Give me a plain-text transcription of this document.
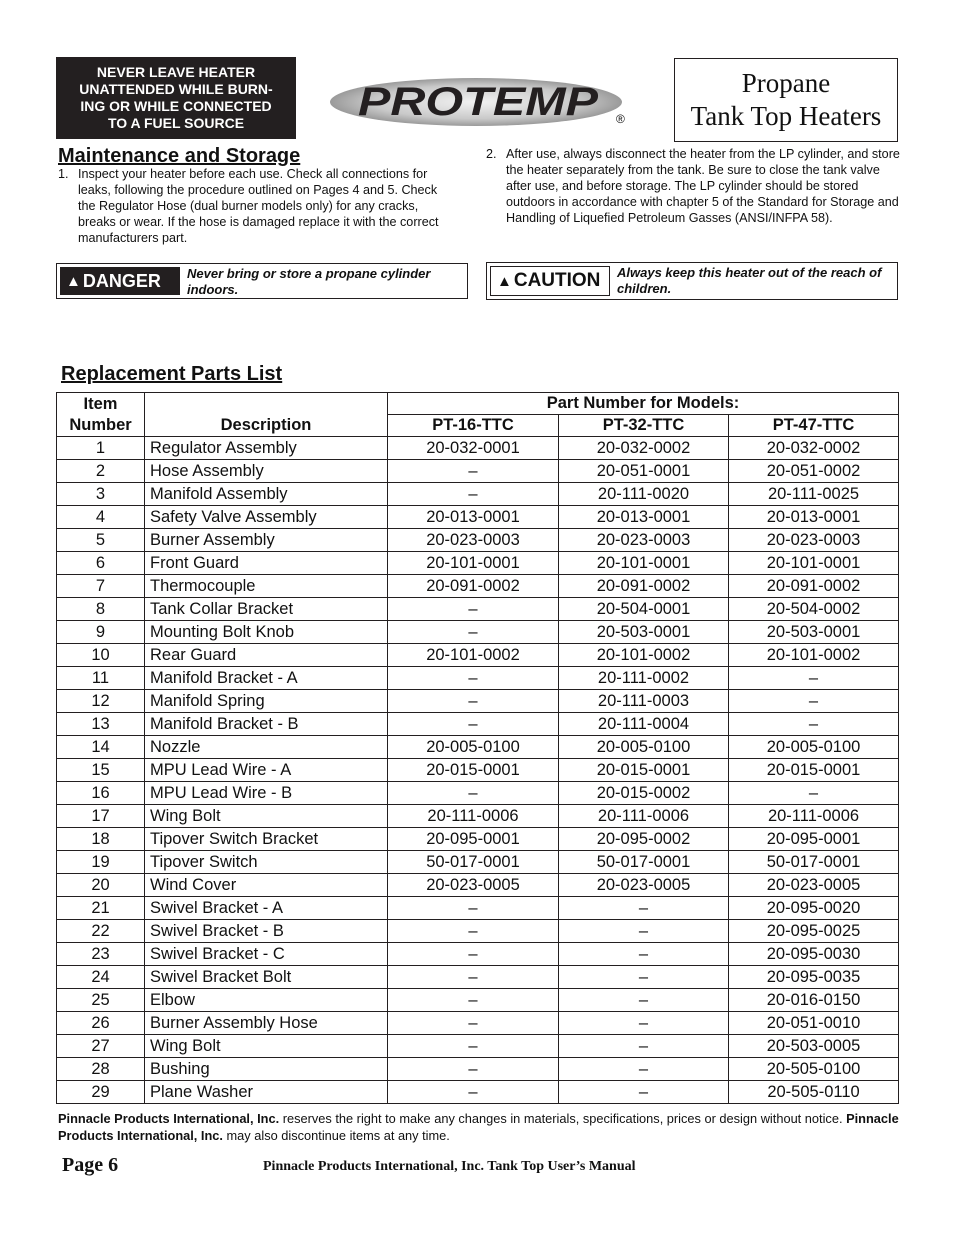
NEVER LEAVE HEATER
UNATTENDED WHILE BURN-
ING OR WHILE CONNECTED
TO A FUEL SOURCE	PROTEMP ®
Propane
Tank Top Heaters
Maintenance and Storage
1. Inspect your heater before each use. Check all connections for leaks, following the procedure outlined on Pages 4 and 5. Check the Regulator Hose (dual burner models only) for any cracks, breaks or wear. If the hose is damaged replace it with the correct manufacturers part.
2. After use, always disconnect the heater from the LP cylinder, and store the heater separately from the tank. Be sure to close the tank valve after use, and before storage. The LP cylinder should be stored outdoors in accordance with chapter 5 of the Standard for Storage and Handling of Liquefied Petroleum Gasses (ANSI/INFPA 58).
▲ DANGER Never bring or store a propane cylinder indoors.	▲ CAUTION Always keep this heater out of the reach of children.
Replacement Parts List
Item Number	Description	Part Number for Models:		
		PT-16-TTC	PT-32-TTC	PT-47-TTC
1	Regulator Assembly	20-032-0001	20-032-0002	20-032-0002
2	Hose Assembly	–	20-051-0001	20-051-0002
3	Manifold Assembly	–	20-111-0020	20-111-0025
4	Safety Valve Assembly	20-013-0001	20-013-0001	20-013-0001
5	Burner Assembly	20-023-0003	20-023-0003	20-023-0003
6	Front Guard	20-101-0001	20-101-0001	20-101-0001
7	Thermocouple	20-091-0002	20-091-0002	20-091-0002
8	Tank Collar Bracket	–	20-504-0001	20-504-0002
9	Mounting Bolt Knob	–	20-503-0001	20-503-0001
10	Rear Guard	20-101-0002	20-101-0002	20-101-0002
11	Manifold Bracket - A	–	20-111-0002	–
12	Manifold Spring	–	20-111-0003	–
13	Manifold Bracket - B	–	20-111-0004	–
14	Nozzle	20-005-0100	20-005-0100	20-005-0100
15	MPU Lead Wire - A	20-015-0001	20-015-0001	20-015-0001
16	MPU Lead Wire - B	–	20-015-0002	–
17	Wing Bolt	20-111-0006	20-111-0006	20-111-0006
18	Tipover Switch Bracket	20-095-0001	20-095-0002	20-095-0001
19	Tipover Switch	50-017-0001	50-017-0001	50-017-0001
20	Wind Cover	20-023-0005	20-023-0005	20-023-0005
21	Swivel Bracket - A	–	–	20-095-0020
22	Swivel Bracket - B	–	–	20-095-0025
23	Swivel Bracket - C	–	–	20-095-0030
24	Swivel Bracket Bolt	–	–	20-095-0035
25	Elbow	–	–	20-016-0150
26	Burner Assembly Hose	–	–	20-051-0010
27	Wing Bolt	–	–	20-503-0005
28	Bushing	–	–	20-505-0100
29	Plane Washer	–	–	20-505-0110
Pinnacle Products International, Inc. reserves the right to make any changes in materials, specifications, prices or design without notice. Pinnacle Products International, Inc. may also discontinue items at any time.
Page 6	Pinnacle Products International, Inc. Tank Top User’s Manual
